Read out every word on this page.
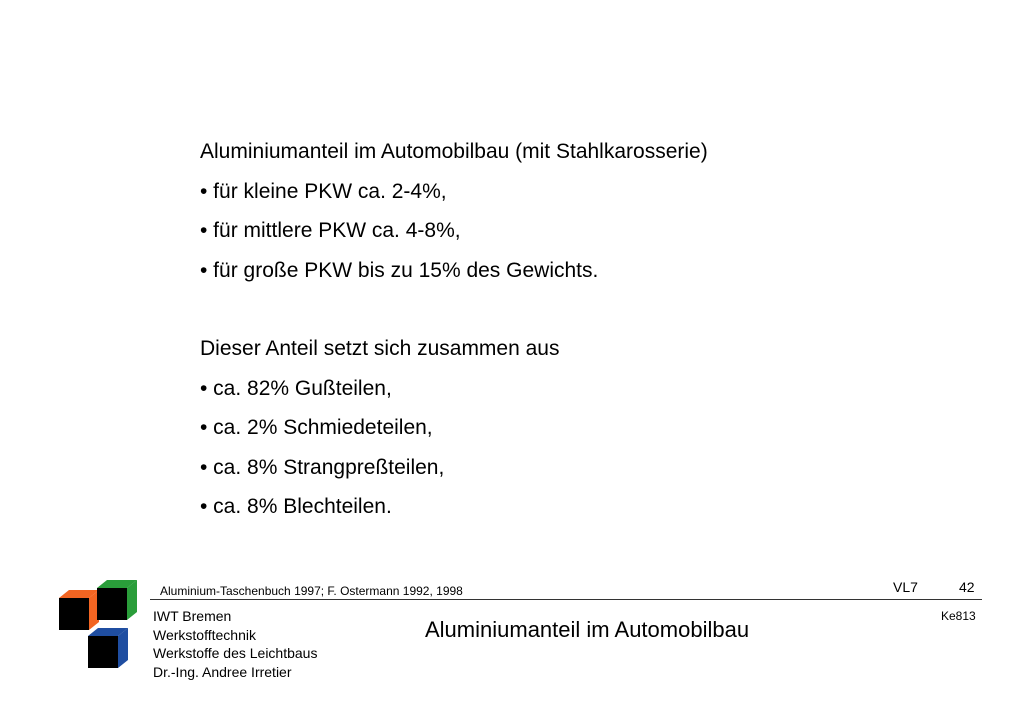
Aluminiumanteil im Automobilbau (mit Stahlkarosserie)
• für kleine PKW ca. 2-4%,
• für mittlere PKW ca. 4-8%,
• für große PKW bis zu 15% des Gewichts.
Dieser Anteil setzt sich zusammen aus
• ca. 82% Gußteilen,
• ca. 2% Schmiedeteilen,
• ca. 8% Strangpreßteilen,
• ca. 8% Blechteilen.
Aluminium-Taschenbuch 1997; F. Ostermann 1992, 1998	VL7	42
Ke813
IWT Bremen
Werkstofftechnik
Werkstoffe des Leichtbaus
Dr.-Ing. Andree Irretier
Aluminiumanteil im Automobilbau
